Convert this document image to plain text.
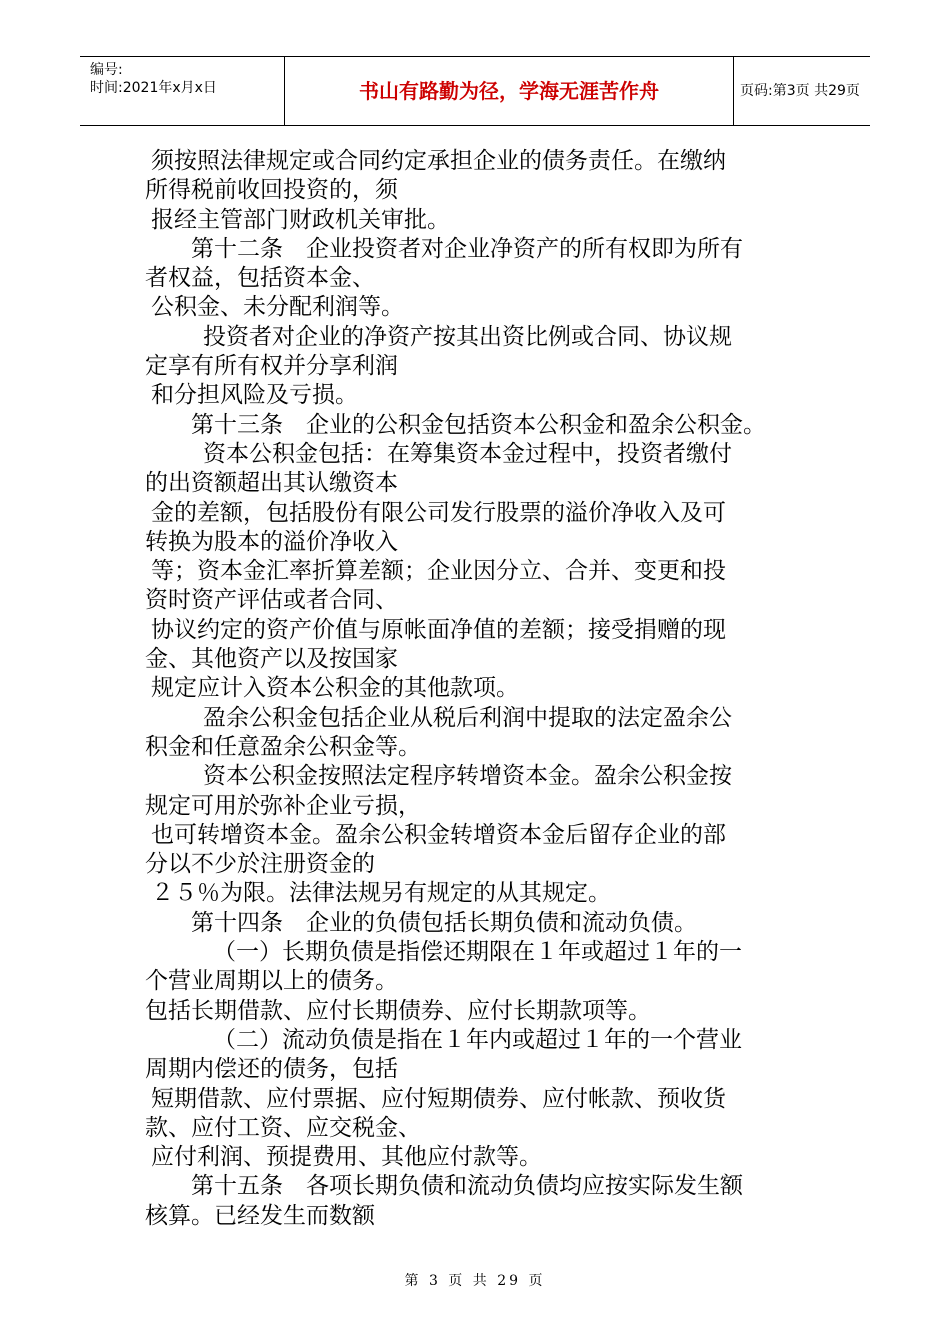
编号:
时间:2021年x月x日	书山有路勤为径，学海无涯苦作舟	页码:第3页 共29页
须按照法律规定或合同约定承担企业的债务责任。在缴纳
所得税前收回投资的，须
报经主管部门财政机关审批。
第十二条　企业投资者对企业净资产的所有权即为所有
者权益，包括资本金、
公积金、未分配利润等。
投资者对企业的净资产按其出资比例或合同、协议规
定享有所有权并分享利润
和分担风险及亏损。
第十三条　企业的公积金包括资本公积金和盈余公积金。
资本公积金包括：在筹集资本金过程中，投资者缴付
的出资额超出其认缴资本
金的差额，包括股份有限公司发行股票的溢价净收入及可
转换为股本的溢价净收入
等；资本金汇率折算差额；企业因分立、合并、变更和投
资时资产评估或者合同、
协议约定的资产价值与原帐面净值的差额；接受捐赠的现
金、其他资产以及按国家
规定应计入资本公积金的其他款项。
盈余公积金包括企业从税后利润中提取的法定盈余公
积金和任意盈余公积金等。
资本公积金按照法定程序转增资本金。盈余公积金按
规定可用於弥补企业亏损，
也可转增资本金。盈余公积金转增资本金后留存企业的部
分以不少於注册资金的
２５％为限。法律法规另有规定的从其规定。
第十四条　企业的负债包括长期负债和流动负债。
（一）长期负债是指偿还期限在１年或超过１年的一
个营业周期以上的债务。
包括长期借款、应付长期债券、应付长期款项等。
（二）流动负债是指在１年内或超过１年的一个营业
周期内偿还的债务，包括
短期借款、应付票据、应付短期债券、应付帐款、预收货
款、应付工资、应交税金、
应付利润、预提费用、其他应付款等。
第十五条　各项长期负债和流动负债均应按实际发生额
核算。已经发生而数额
第 3 页 共 29 页
